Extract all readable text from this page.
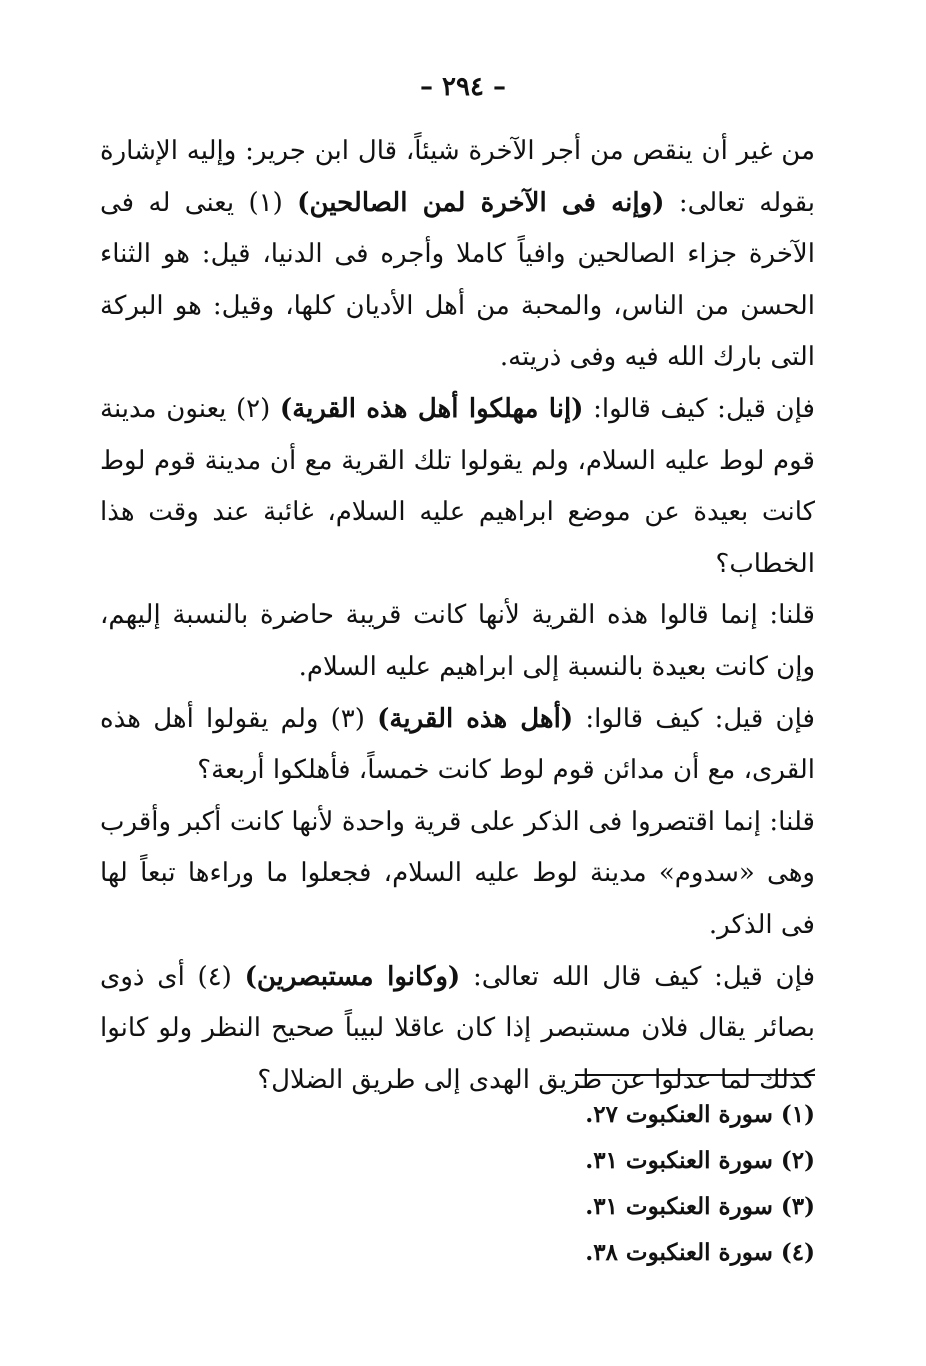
– ٢٩٤ –

من غير أن ينقص من أجر الآخرة شيئاً، قال ابن جرير: وإليه الإشارة بقوله تعالى: (وإنه فى الآخرة لمن الصالحين) (١) يعنى له فى الآخرة جزاء الصالحين وافياً كاملا وأجره فى الدنيا، قيل: هو الثناء الحسن من الناس، والمحبة من أهل الأديان كلها، وقيل: هو البركة التى بارك الله فيه وفى ذريته.

فإن قيل: كيف قالوا: (إنا مهلكوا أهل هذه القرية) (٢) يعنون مدينة قوم لوط عليه السلام، ولم يقولوا تلك القرية مع أن مدينة قوم لوط كانت بعيدة عن موضع ابراهيم عليه السلام، غائبة عند وقت هذا الخطاب؟

قلنا: إنما قالوا هذه القرية لأنها كانت قريبة حاضرة بالنسبة إليهم، وإن كانت بعيدة بالنسبة إلى ابراهيم عليه السلام.

فإن قيل: كيف قالوا: (أهل هذه القرية) (٣) ولم يقولوا أهل هذه القرى، مع أن مدائن قوم لوط كانت خمساً، فأهلكوا أربعة؟

قلنا: إنما اقتصروا فى الذكر على قرية واحدة لأنها كانت أكبر وأقرب وهى «سدوم» مدينة لوط عليه السلام، فجعلوا ما وراءها تبعاً لها فى الذكر.

فإن قيل: كيف قال الله تعالى: (وكانوا مستبصرين) (٤) أى ذوى بصائر يقال فلان مستبصر إذا كان عاقلا لبيباً صحيح النظر ولو كانوا كذلك لما عدلوا عن طريق الهدى إلى طريق الضلال؟

(١) سورة العنكبوت ٢٧.
(٢) سورة العنكبوت ٣١.
(٣) سورة العنكبوت ٣١.
(٤) سورة العنكبوت ٣٨.
